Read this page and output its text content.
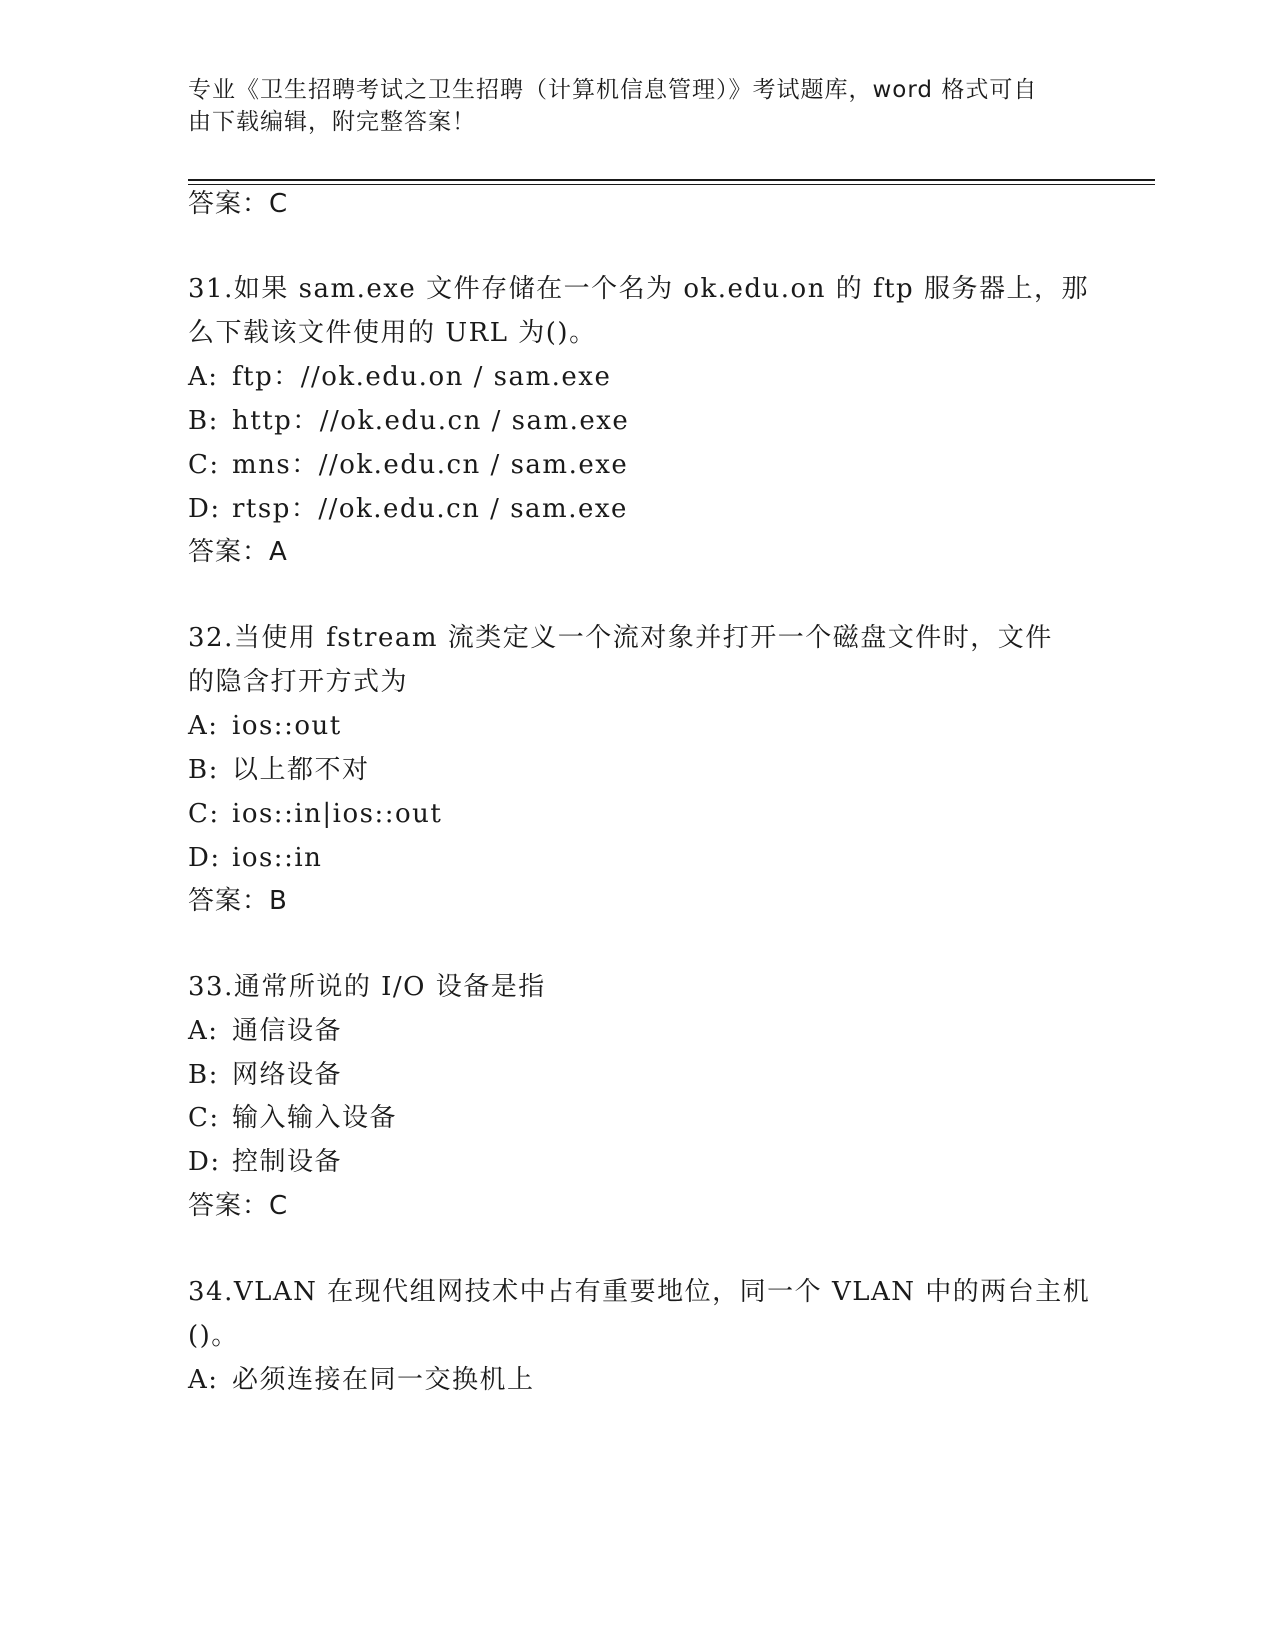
专业《卫生招聘考试之卫生招聘（计算机信息管理）》考试题库，word 格式可自
由下载编辑，附完整答案！
答案：C
31.如果 sam.exe 文件存储在一个名为 ok.edu.on 的 ftp 服务器上，那
么下载该文件使用的 URL 为()。
A: ftp：//ok.edu.on / sam.exe
B: http：//ok.edu.cn / sam.exe
C: mns：//ok.edu.cn / sam.exe
D: rtsp：//ok.edu.cn / sam.exe
答案：A
32.当使用 fstream 流类定义一个流对象并打开一个磁盘文件时，文件
的隐含打开方式为
A: ios::out
B: 以上都不对
C: ios::in|ios::out
D: ios::in
答案：B
33.通常所说的 I/O 设备是指
A: 通信设备
B: 网络设备
C: 输入输入设备
D: 控制设备
答案：C
34.VLAN 在现代组网技术中占有重要地位，同一个 VLAN 中的两台主机
()。
A: 必须连接在同一交换机上
